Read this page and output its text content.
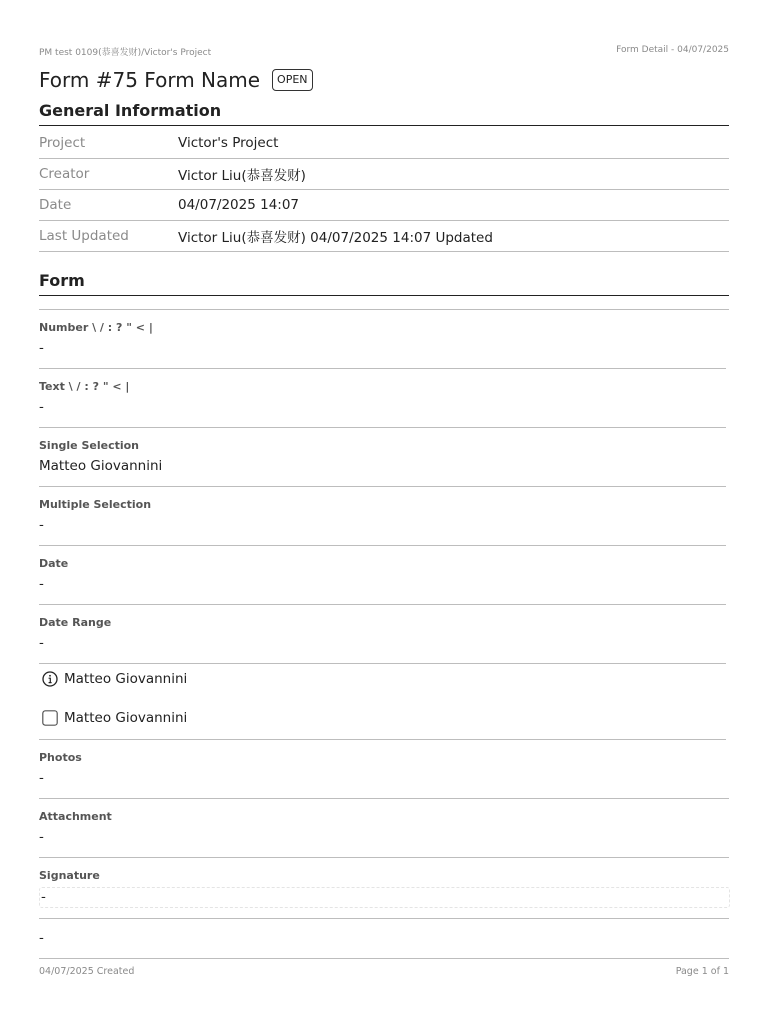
PM test 0109(恭喜发财)/Victor's Project	Form Detail - 04/07/2025
Form #75 Form Name	OPEN
General Information
Project	Victor's Project
Creator	Victor Liu(恭喜发财)
Date	04/07/2025 14:07
Last Updated	Victor Liu(恭喜发财) 04/07/2025 14:07 Updated
Form
Number \ / : ? " < |
-
Text \ / : ? " < |
-
Single Selection
Matteo Giovannini
Multiple Selection
-
Date
-
Date Range
-
Matteo Giovannini
Matteo Giovannini
Photos
-
Attachment
-
Signature
-
-
04/07/2025 Created	Page 1 of 1
